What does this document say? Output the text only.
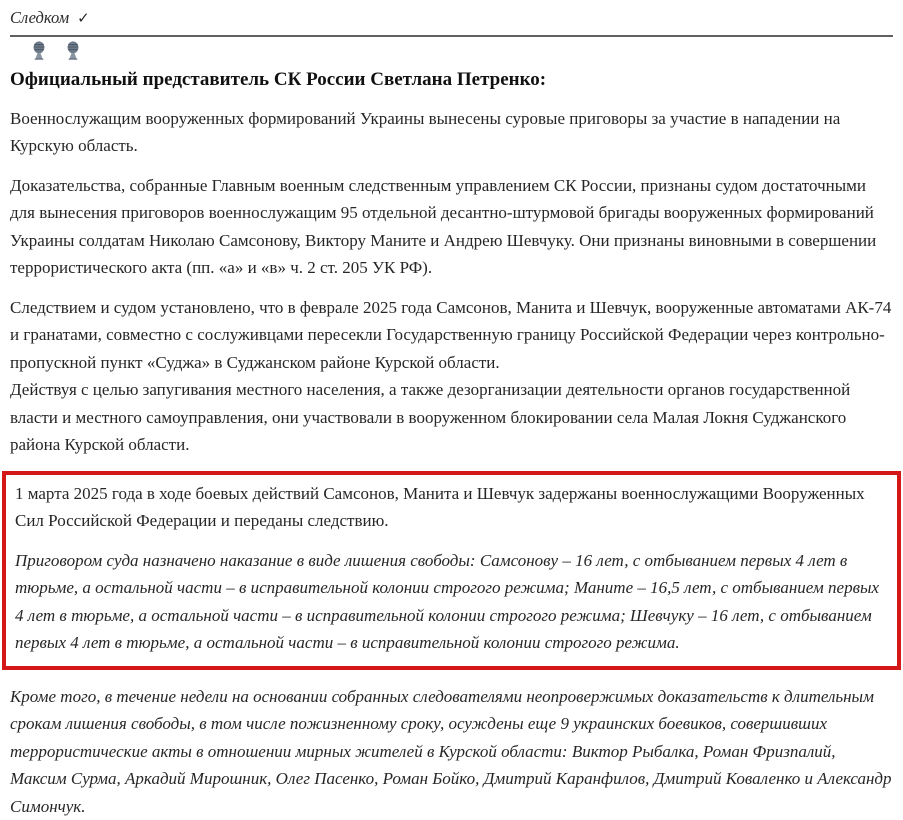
Следком ✓
Официальный представитель СК России Светлана Петренко:

Военнослужащим вооруженных формирований Украины вынесены суровые приговоры за участие в нападении на Курскую область.

Доказательства, собранные Главным военным следственным управлением СК России, признаны судом достаточными для вынесения приговоров военнослужащим 95 отдельной десантно-штурмовой бригады вооруженных формирований Украины солдатам Николаю Самсонову, Виктору Маните и Андрею Шевчуку. Они признаны виновными в совершении террористического акта (пп. «а» и «в» ч. 2 ст. 205 УК РФ).

Следствием и судом установлено, что в феврале 2025 года Самсонов, Манита и Шевчук, вооруженные автоматами АК-74 и гранатами, совместно с сослуживцами пересекли Государственную границу Российской Федерации через контрольно-пропускной пункт «Суджа» в Суджанском районе Курской области.

Действуя с целью запугивания местного населения, а также дезорганизации деятельности органов государственной власти и местного самоуправления, они участвовали в вооруженном блокировании села Малая Локня Суджанского района Курской области.

1 марта 2025 года в ходе боевых действий Самсонов, Манита и Шевчук задержаны военнослужащими Вооруженных Сил Российской Федерации и переданы следствию.

Приговором суда назначено наказание в виде лишения свободы: Самсонову – 16 лет, с отбыванием первых 4 лет в тюрьме, а остальной части – в исправительной колонии строгого режима; Маните – 16,5 лет, с отбыванием первых 4 лет в тюрьме, а остальной части – в исправительной колонии строгого режима; Шевчуку – 16 лет, с отбыванием первых 4 лет в тюрьме, а остальной части – в исправительной колонии строгого режима.

Кроме того, в течение недели на основании собранных следователями неопровержимых доказательств к длительным срокам лишения свободы, в том числе пожизненному сроку, осуждены еще 9 украинских боевиков, совершивших террористические акты в отношении мирных жителей в Курской области: Виктор Рыбалка, Роман Фризпалий, Максим Сурма, Аркадий Мирошник, Олег Пасенко, Роман Бойко, Дмитрий Каранфилов, Дмитрий Коваленко и Александр Симончук.
